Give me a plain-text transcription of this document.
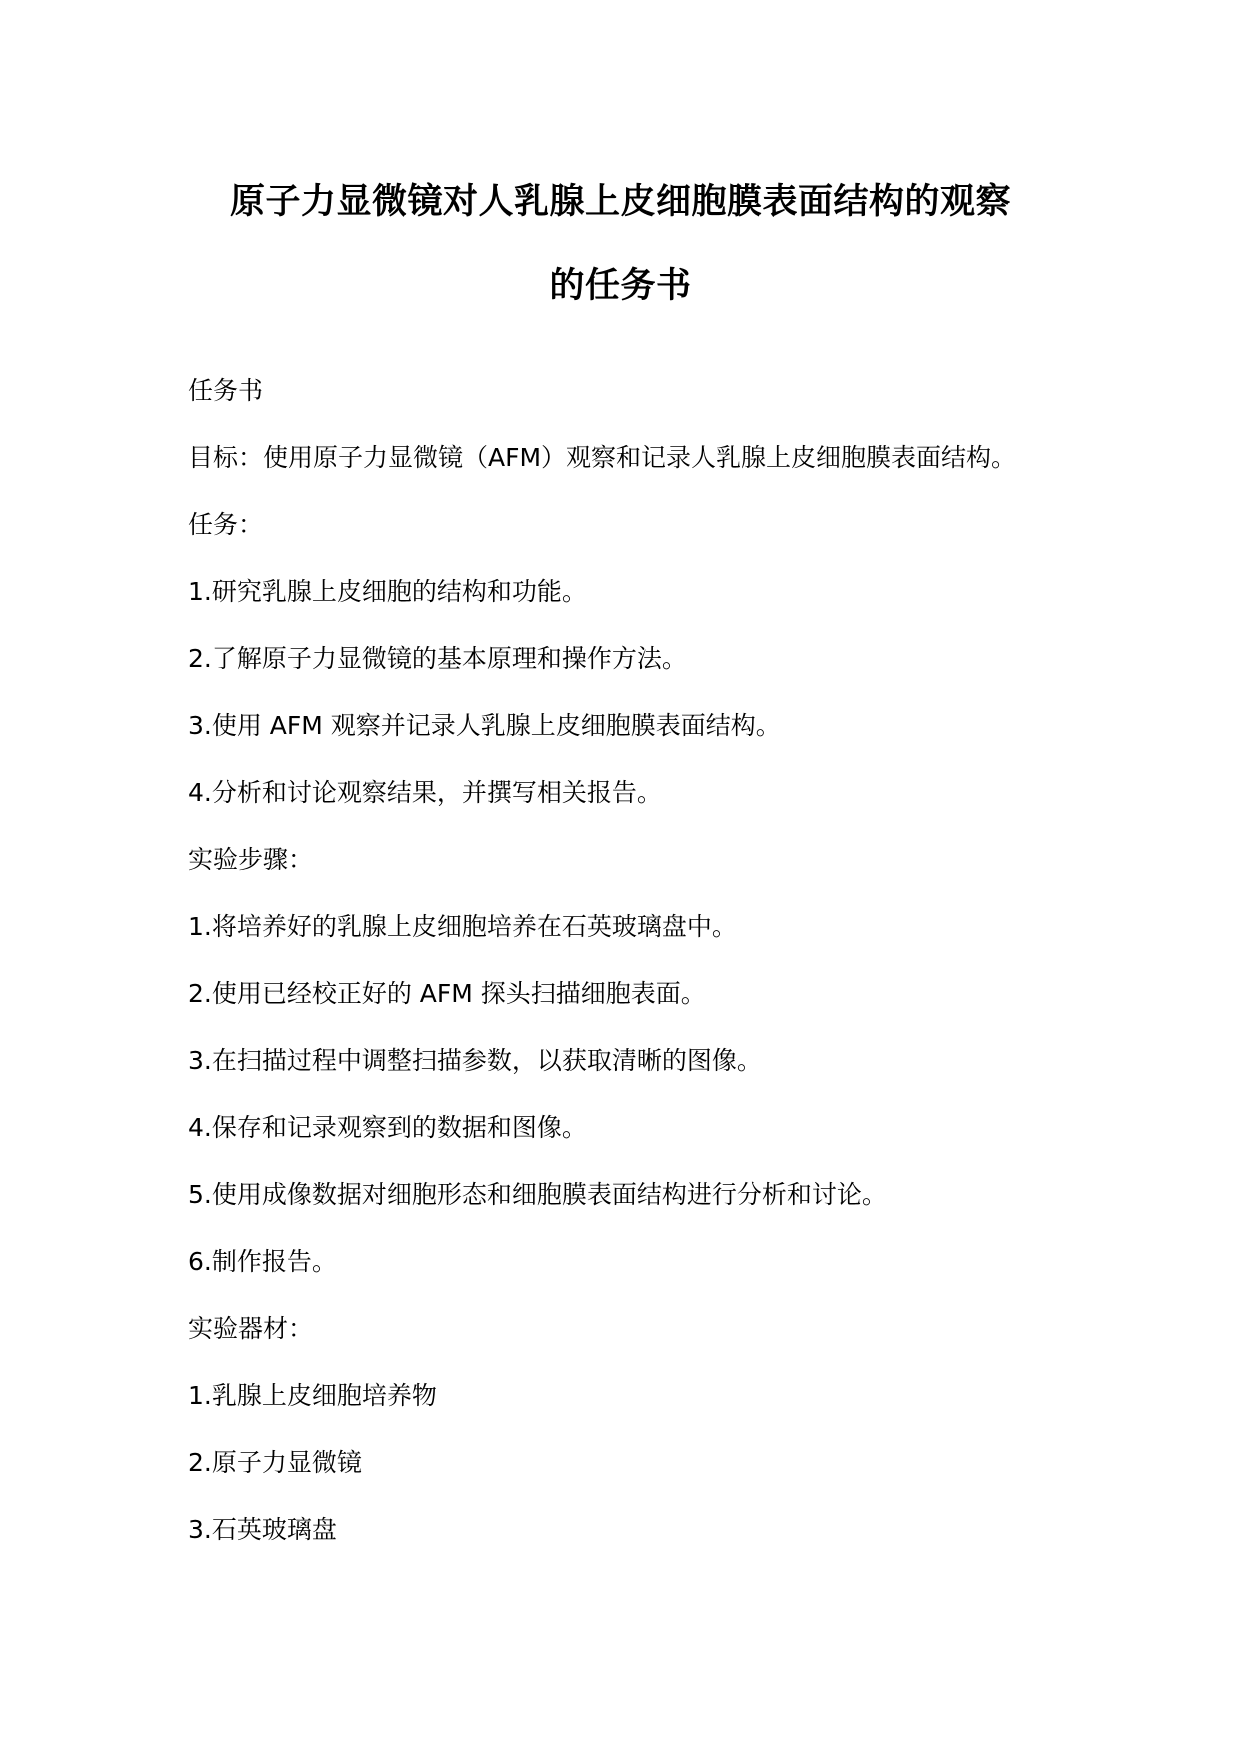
原子力显微镜对人乳腺上皮细胞膜表面结构的观察
的任务书

任务书

目标：使用原子力显微镜（AFM）观察和记录人乳腺上皮细胞膜表面结构。

任务：

1.研究乳腺上皮细胞的结构和功能。

2.了解原子力显微镜的基本原理和操作方法。

3.使用 AFM 观察并记录人乳腺上皮细胞膜表面结构。

4.分析和讨论观察结果，并撰写相关报告。

实验步骤：

1.将培养好的乳腺上皮细胞培养在石英玻璃盘中。

2.使用已经校正好的 AFM 探头扫描细胞表面。

3.在扫描过程中调整扫描参数，以获取清晰的图像。

4.保存和记录观察到的数据和图像。

5.使用成像数据对细胞形态和细胞膜表面结构进行分析和讨论。

6.制作报告。

实验器材：

1.乳腺上皮细胞培养物

2.原子力显微镜

3.石英玻璃盘
